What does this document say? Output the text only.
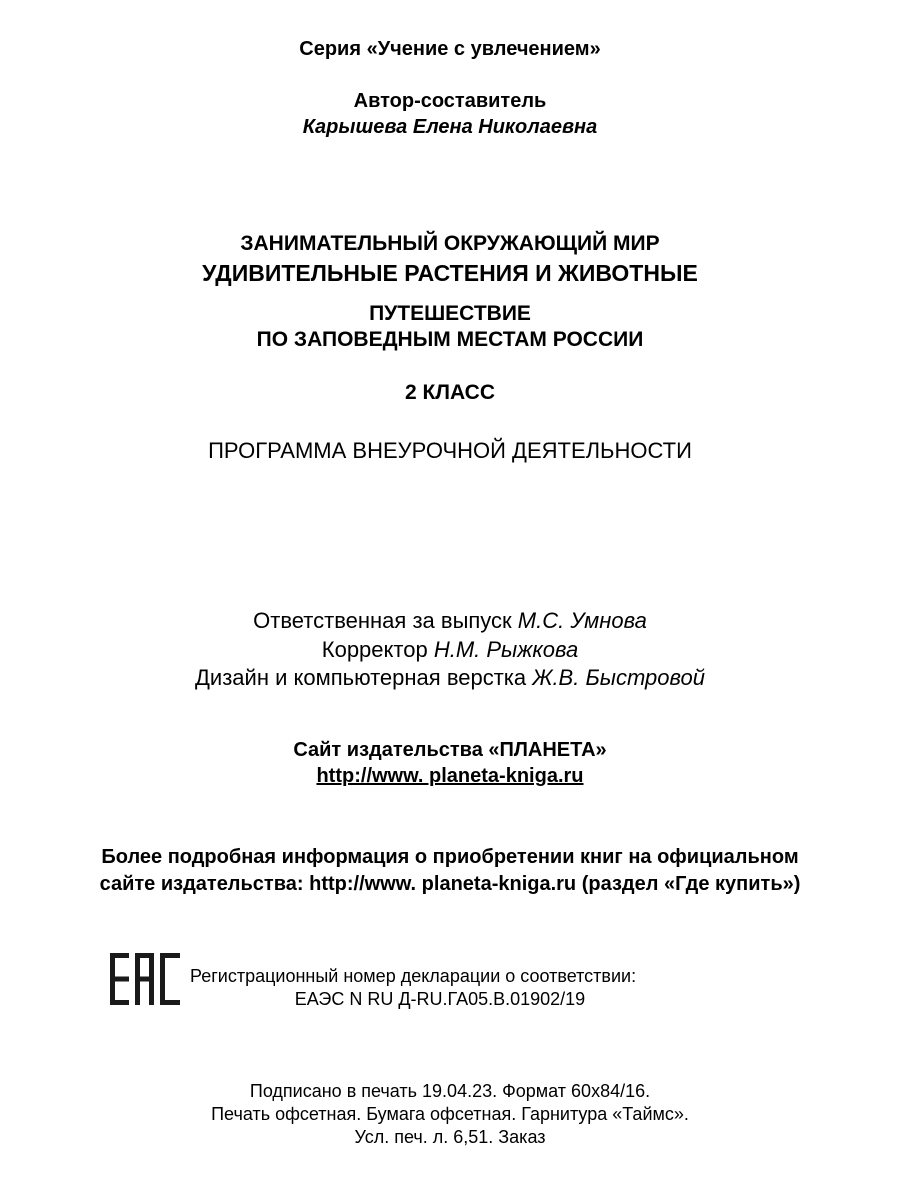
Серия «Учение с увлечением»
Автор-составитель
Карышева Елена Николаевна
ЗАНИМАТЕЛЬНЫЙ ОКРУЖАЮЩИЙ МИР
УДИВИТЕЛЬНЫЕ РАСТЕНИЯ И ЖИВОТНЫЕ
ПУТЕШЕСТВИЕ
ПО ЗАПОВЕДНЫМ МЕСТАМ РОССИИ
2 КЛАСС
ПРОГРАММА ВНЕУРОЧНОЙ ДЕЯТЕЛЬНОСТИ
Ответственная за выпуск М.С. Умнова
Корректор Н.М. Рыжкова
Дизайн и компьютерная верстка Ж.В. Быстровой
Сайт издательства «ПЛАНЕТА»
http://www. planeta-kniga.ru
Более подробная информация о приобретении книг на официальном
сайте издательства: http://www. planeta-kniga.ru (раздел «Где купить»)
Регистрационный номер декларации о соответствии:
ЕАЭС N RU Д-RU.ГА05.В.01902/19
Подписано в печать 19.04.23. Формат 60х84/16.
Печать офсетная. Бумага офсетная. Гарнитура «Таймс».
Усл. печ. л. 6,51. Заказ
